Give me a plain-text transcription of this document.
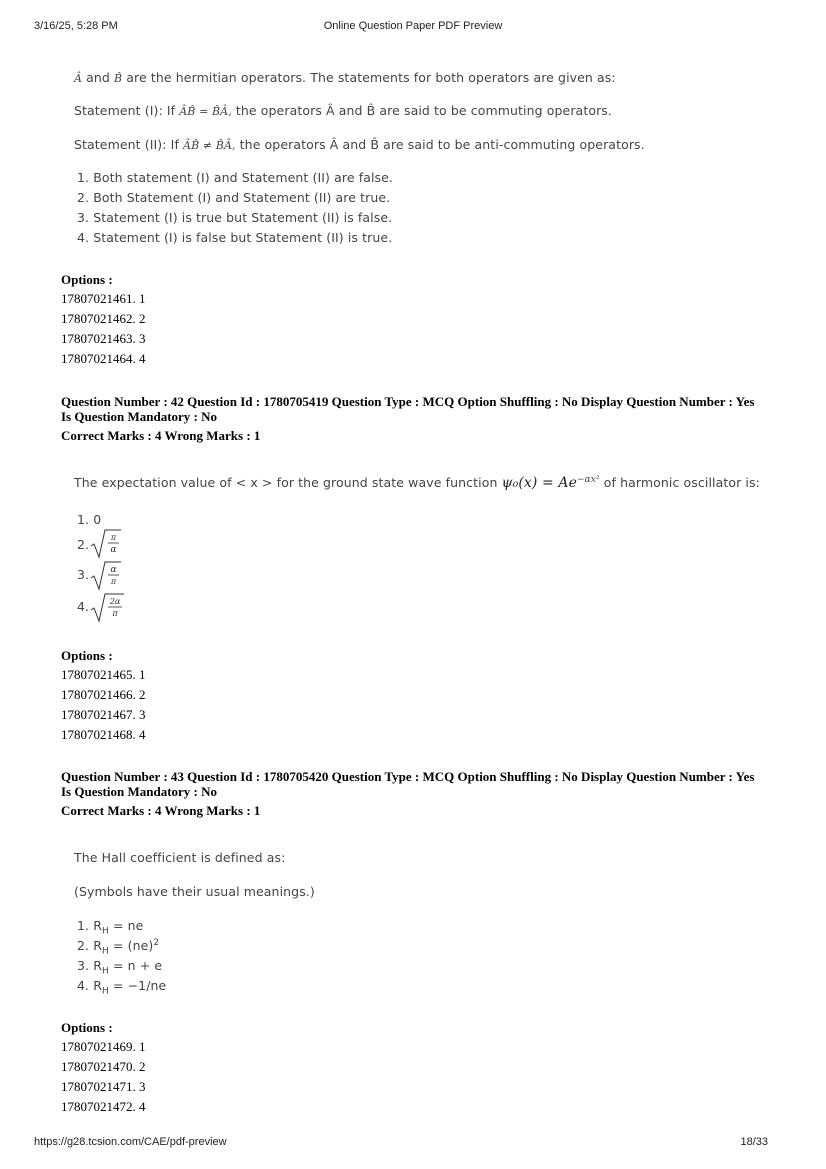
3/16/25, 5:28 PM	Online Question Paper PDF Preview
Â and B̂ are the hermitian operators. The statements for both operators are given as:
Statement (I): If ÂB̂ = B̂Â, the operators Â and B̂ are said to be commuting operators.
Statement (II): If ÂB̂ ≠ B̂Â, the operators Â and B̂ are said to be anti-commuting operators.
1. Both statement (I) and Statement (II) are false.
2. Both Statement (I) and Statement (II) are true.
3. Statement (I) is true but Statement (II) is false.
4. Statement (I) is false but Statement (II) is true.
Options :
17807021461. 1
17807021462. 2
17807021463. 3
17807021464. 4
Question Number : 42 Question Id : 1780705419 Question Type : MCQ Option Shuffling : No Display Question Number : Yes
Is Question Mandatory : No
Correct Marks : 4 Wrong Marks : 1
The expectation value of < x > for the ground state wave function $\psi_0(x) = Ae^{-\alpha x^2}$ of harmonic oscillator is:
1. 0
2.	π
α
3. α
π
4.	2α
π
Options :
17807021465. 1
17807021466. 2
17807021467. 3
17807021468. 4
Question Number : 43 Question Id : 1780705420 Question Type : MCQ Option Shuffling : No Display Question Number : Yes
Is Question Mandatory : No
Correct Marks : 4 Wrong Marks : 1
The Hall coefficient is defined as:
(Symbols have their usual meanings.)
1. $R_H$ = ne
2. $R_H = (ne)^2$
3. $R_H = n + e$
4. $R_H = -1/ne$
Options :
17807021469. 1
17807021470. 2
17807021471. 3
17807021472. 4
https://g28.tcsion.com/CAE/pdf-preview	18/33
